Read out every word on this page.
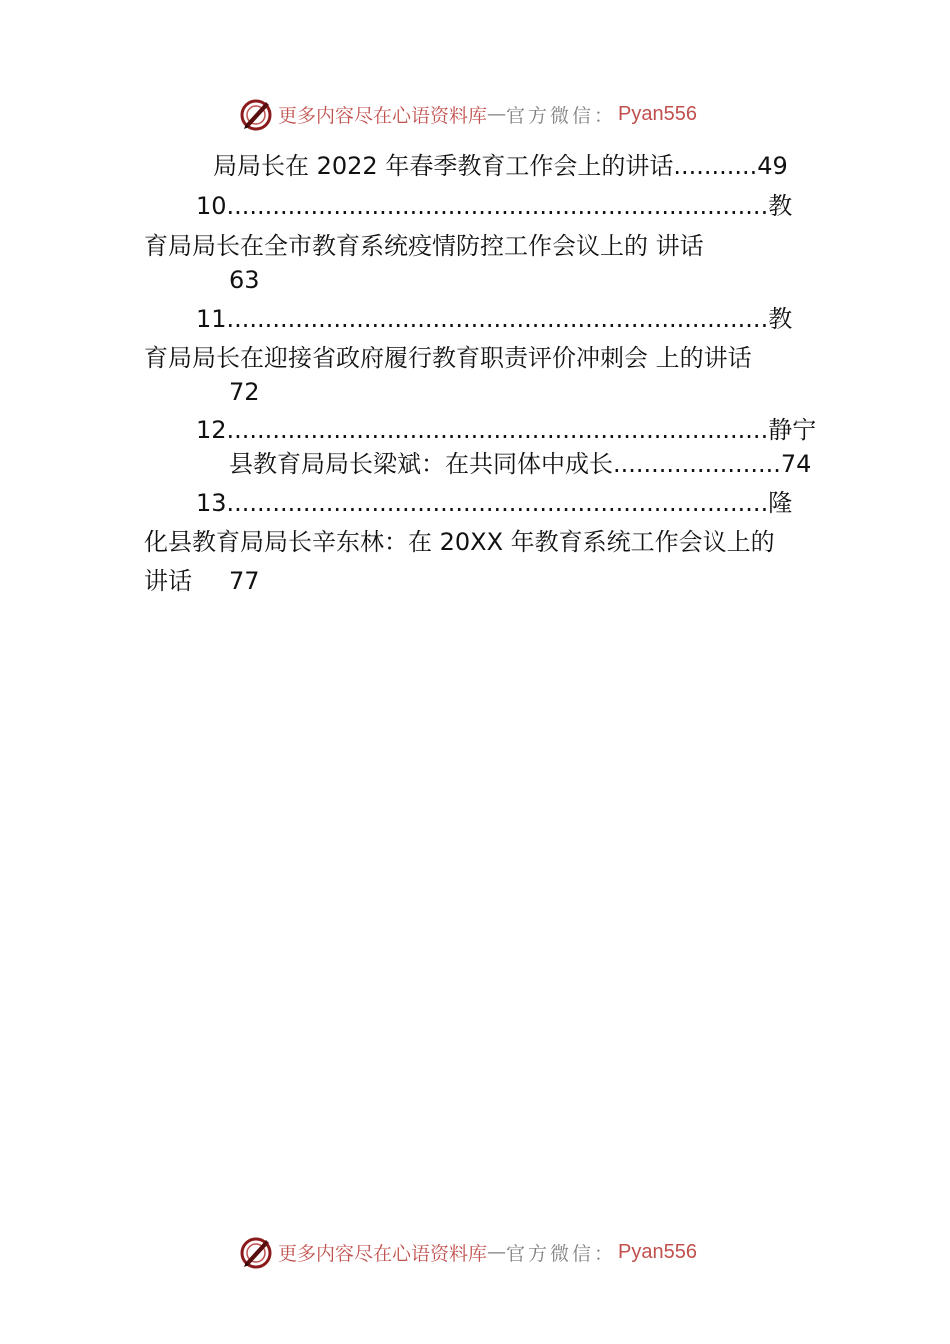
更多内容尽在心语资料库 — 官方微信： Pyan556
局局长在 2022 年春季教育工作会上的讲话...........49
10.......................................................................教
育局局长在全市教育系统疫情防控工作会议上的 讲话
63
11.......................................................................教
育局局长在迎接省政府履行教育职责评价冲刺会 上的讲话
72
12.......................................................................静宁
县教育局局长梁斌：在共同体中成长......................74
13.......................................................................隆
化县教育局局长辛东林：在 20XX 年教育系统工作会议上的
讲话 77
更多内容尽在心语资料库 — 官方微信： Pyan556
